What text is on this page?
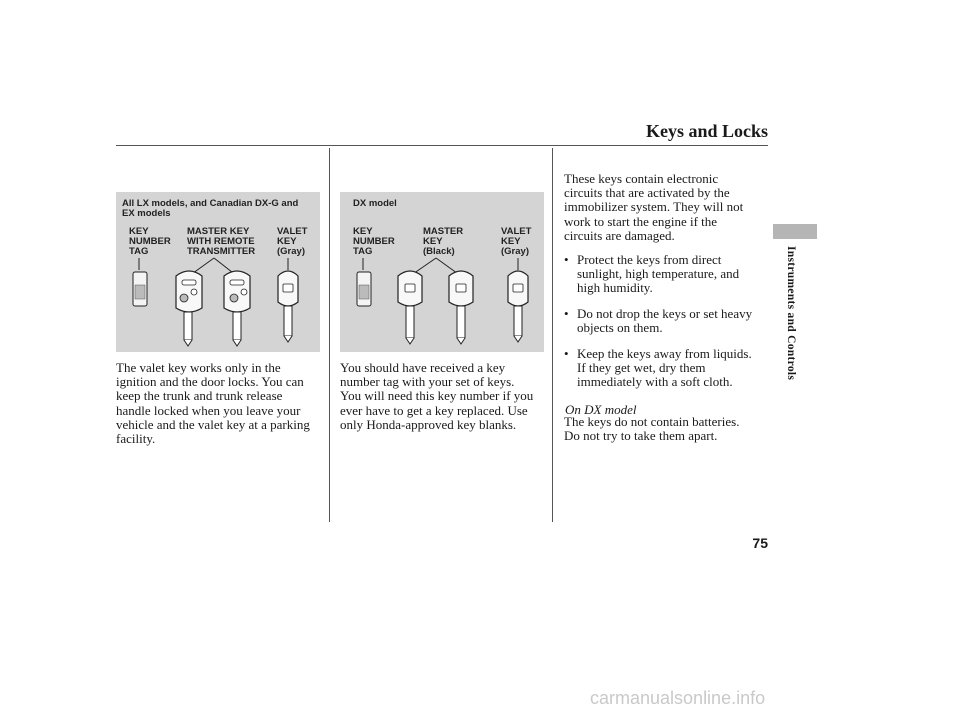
Keys and Locks
Instruments and Controls
All LX models, and Canadian DX-G and
EX models
KEY
NUMBER
TAG
MASTER KEY
WITH REMOTE
TRANSMITTER
VALET
KEY
(Gray)
DX model
KEY
NUMBER
TAG
MASTER
KEY
(Black)
VALET
KEY
(Gray)
The valet key works only in the
ignition and the door locks. You can
keep the trunk and trunk release
handle locked when you leave your
vehicle and the valet key at a parking
facility.
You should have received a key
number tag with your set of keys.
You will need this key number if you
ever have to get a key replaced. Use
only Honda-approved key blanks.
These keys contain electronic
circuits that are activated by the
immobilizer system. They will not
work to start the engine if the
circuits are damaged.
• Protect the keys from direct
sunlight, high temperature, and
high humidity.
• Do not drop the keys or set heavy
objects on them.
• Keep the keys away from liquids.
If they get wet, dry them
immediately with a soft cloth.
On DX model
The keys do not contain batteries.
Do not try to take them apart.
75
carmanualsonline.info
